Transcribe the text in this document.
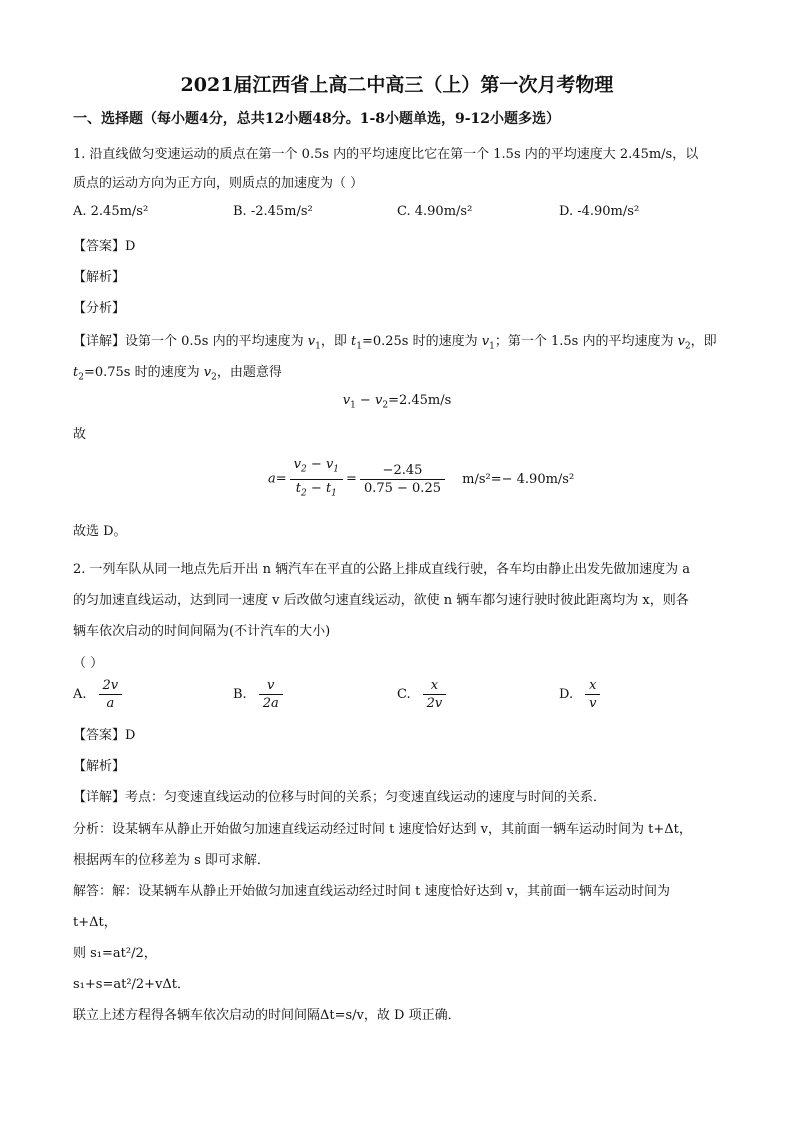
2021届江西省上高二中高三（上）第一次月考物理
一、选择题（每小题4分，总共12小题48分。1-8小题单选，9-12小题多选）
1. 沿直线做匀变速运动的质点在第一个 0.5s 内的平均速度比它在第一个 1.5s 内的平均速度大 2.45m/s，以
质点的运动方向为正方向，则质点的加速度为（ ）
A. 2.45m/s²	B. -2.45m/s²	C. 4.90m/s²	D. -4.90m/s²
【答案】D
【解析】
【分析】
【详解】设第一个 0.5s 内的平均速度为 $v_1$，即 $t_1=0.25s$ 时的速度为 $v_1$；第一个 1.5s 内的平均速度为 $v_2$，即
$t_2=0.75s$ 时的速度为 $v_2$，由题意得
$v_1 - v_2=2.45m/s$
故
$a= \frac{v_2 - v_1}{t_2 - t_1} = \frac{-2.45}{0.75 - 0.25} m/s^2=- 4.90m/s^2$
故选 D。
2. 一列车队从同一地点先后开出 n 辆汽车在平直的公路上排成直线行驶，各车均由静止出发先做加速度为 a
的匀加速直线运动，达到同一速度 v 后改做匀速直线运动，欲使 n 辆车都匀速行驶时彼此距离均为 x，则各
辆车依次启动的时间间隔为(不计汽车的大小)
（ ）
A. $\frac{2v}{a}$	B. $\frac{v}{2a}$	C. $\frac{x}{2v}$	D. $\frac{x}{v}$
【答案】D
【解析】
【详解】考点：匀变速直线运动的位移与时间的关系；匀变速直线运动的速度与时间的关系．
分析：设某辆车从静止开始做匀加速直线运动经过时间 t 速度恰好达到 v，其前面一辆车运动时间为 t+Δt，
根据两车的位移差为 s 即可求解．
解答：解：设某辆车从静止开始做匀加速直线运动经过时间 t 速度恰好达到 v，其前面一辆车运动时间为
t+Δt，
则 s₁=at²/2，
s₁+s=at²/2+vΔt．
联立上述方程得各辆车依次启动的时间间隔Δt=s/v，故 D 项正确．
